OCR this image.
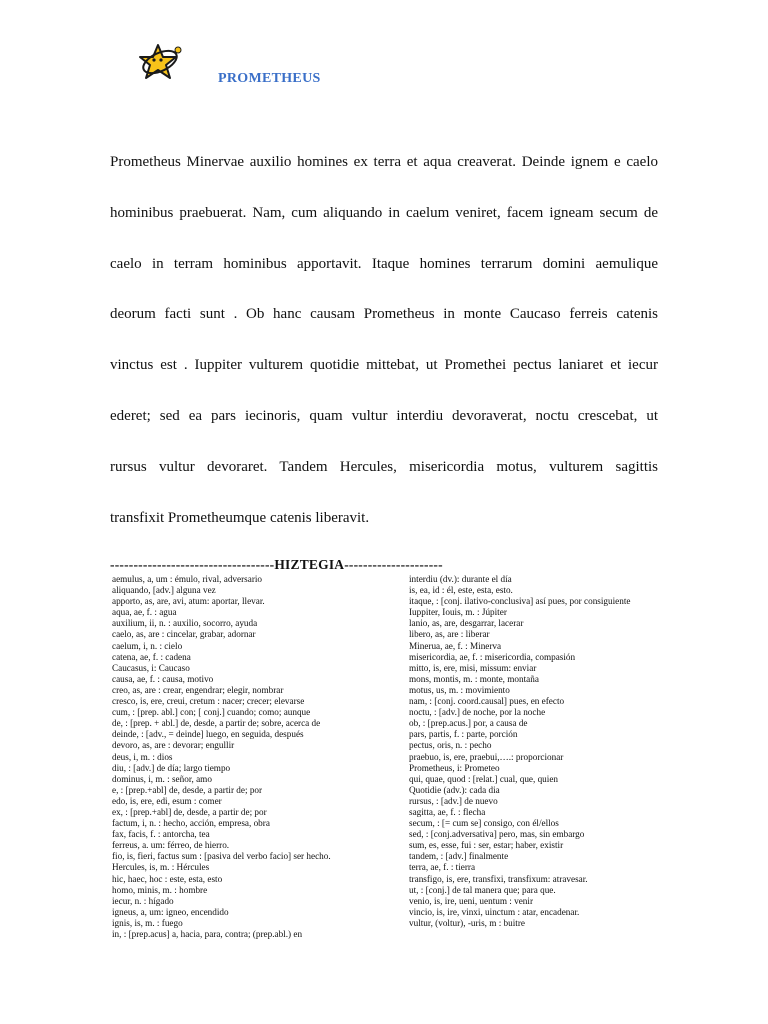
PROMETHEUS
Prometheus Minervae auxilio homines ex terra et aqua creaverat. Deinde ignem e caelo
hominibus praebuerat. Nam, cum aliquando in caelum veniret, facem igneam secum de
caelo in terram hominibus apportavit. Itaque homines terrarum domini aemulique
deorum facti sunt . Ob hanc causam Prometheus in monte Caucaso ferreis catenis
vinctus est . Iuppiter vulturem quotidie mittebat, ut Promethei pectus laniaret et iecur
ederet; sed ea pars iecinoris, quam vultur interdiu devoraverat, noctu crescebat, ut
rursus vultur devoraret. Tandem Hercules, misericordia motus, vulturem sagittis
transfixit Prometheumque catenis liberavit.
-----------------------------------HIZTEGIA---------------------
aemulus, a, um : émulo, rival, adversario
aliquando, [adv.] alguna vez
apporto, as, are, avi, atum: aportar, llevar.
aqua, ae, f. : agua
auxilium, ii, n. : auxilio, socorro, ayuda
caelo, as, are : cincelar, grabar, adornar
caelum, i, n. : cielo
catena, ae, f. : cadena
Caucasus, i: Caucaso
causa, ae, f. : causa, motivo
creo, as, are : crear, engendrar; elegir, nombrar
cresco, is, ere, creui, cretum : nacer; crecer; elevarse
cum, : [prep. abl.] con; [ conj.] cuando; como; aunque
de, : [prep. + abl.] de, desde, a partir de; sobre, acerca de
deinde, : [adv., = deinde] luego, en seguida, después
devoro, as, are : devorar; engullir
deus, i, m. : dios
diu, : [adv.] de día; largo tiempo
dominus, i, m. : señor, amo
e, : [prep.+abl] de, desde, a partir de; por
edo, is, ere, edi, esum : comer
ex, : [prep.+abl] de, desde, a partir de; por
factum, i, n. : hecho, acción, empresa, obra
fax, facis, f. : antorcha, tea
ferreus, a. um: férreo, de hierro.
fio, is, fieri, factus sum : [pasiva del verbo facio] ser hecho.
Hercules, is, m. : Hércules
hic, haec, hoc : este, esta, esto
homo, minis, m. : hombre
iecur, n. : hígado
igneus, a, um: igneo, encendido
ignis, is, m. : fuego
in, : [prep.acus] a, hacia, para, contra; (prep.abl.) en
interdiu (dv.): durante el día
is, ea, id : él, este, esta, esto.
itaque, : [conj. ilativo-conclusiva] así pues, por consiguiente
Iuppiter, Iouis, m. : Júpiter
lanio, as, are, desgarrar, lacerar
libero, as, are : liberar
Minerua, ae, f. : Minerva
misericordia, ae, f. : misericordia, compasión
mitto, is, ere, misi, missum: enviar
mons, montis, m. : monte, montaña
motus, us, m. : movimiento
nam, : [conj. coord.causal] pues, en efecto
noctu, : [adv.] de noche, por la noche
ob, : [prep.acus.] por, a causa de
pars, partis, f. : parte, porción
pectus, oris, n. : pecho
praebuo, is, ere, praebui,….: proporcionar
Prometheus, i: Prometeo
qui, quae, quod : [relat.] cual, que, quien
Quotidie (adv.): cada dia
rursus, : [adv.] de nuevo
sagitta, ae, f. : flecha
secum, : [= cum se] consigo, con él/ellos
sed, : [conj.adversativa] pero, mas, sin embargo
sum, es, esse, fui : ser, estar; haber, existir
tandem, : [adv.] finalmente
terra, ae, f. : tierra
transfigo, is, ere, transfixi, transfixum: atravesar.
ut, : [conj.] de tal manera que; para que.
venio, is, ire, ueni, uentum : venir
vincio, is, ire, vinxi, uinctum : atar, encadenar.
vultur, (voltur), -uris, m : buitre
